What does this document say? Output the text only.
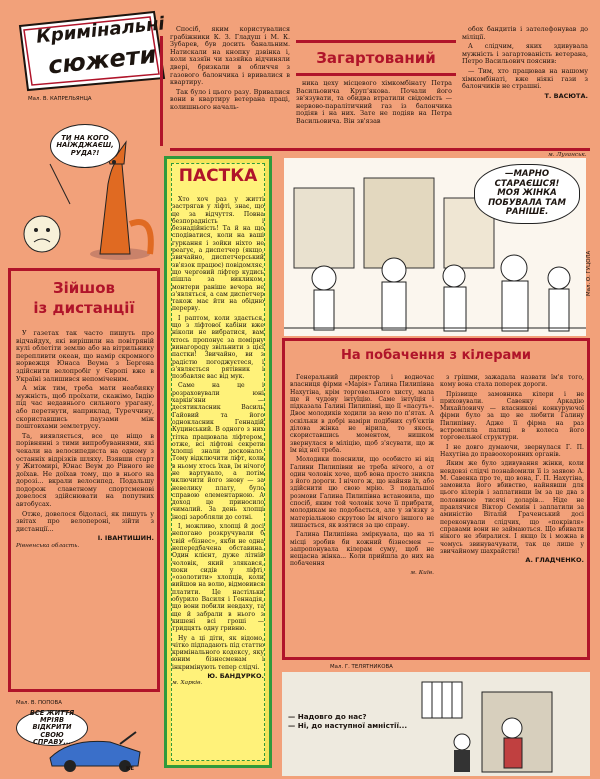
Кримінальні
сюжети
Мал. В. КАПРЕЛЬЯНЦА
ТИ НА КОГО НАЇЖДЖАЄШ, РУДА?!

Спосіб, яким користувалися грабіжники К. З. Гладуш і М. К. Зубарев, був досить банальним. Натискали на кнопку дзвінка і, коли хазяїн чи хазяйка відчиняли двері, бризкали в обличчя з газового балончика і вривалися в квартиру.

Так було і цього разу. Вривалися вони в квартиру ветерана праці, колишнього началь-

Загартований

ника цеху місцевого хімкомбінату Петра Васильовича Круп'якова. Почали його зв'язувати, та обидва втратили свідомість — нервово-паралітичний газ із балончика подіяв і на них. Зате не подіяв на Петра Васильовича. Він зв'язав

обох бандитів і зателефонував до міліції.

А слідчим, яких здивувала мужність і загартованість ветерана, Петро Васильович пояснив:

— Тим, хто працював на нашому хімкомбінаті, вже ніякі гази з балончиків не страшні.

Т. ВАСЮТА.
м. Луганськ.
ПАСТКА

Хто хоч раз у житті застрягав у ліфті, знає, що це за відчуття. Повна безпорадність і безнадійність! Та й на що сподіватися, коли на ваші гуркання і зойки ніхто не реагує, а диспетчер (якщо, звичайно, диспетчерський зв'язок працює) повідомляє, що черговий ліфтер кудись пішла за викликом, монтери раніше вечора не з'являться, а сам диспетчер також має йти на обідню перерву.

І раптом, коли здається, що з ліфтової кабіни вже ніколи не вибратися, вам хтось пропонує за помірну винагороду звільнити з цієї пастки! Звичайно, ви з радістю погоджуєтеся, і з'являється рятівник і позбавляє вас від мук.

Саме на це і розраховували юні харків'яни — десятикласник Василь Гайовий та його однокласник Геннадій Куцинський. В одного з них тітка працювала ліфтером, отже, всі ліфтові секрети хлопці знали досконало. Тому відключити ліфт, коли в ньому хтось їхав, їм нічого не вартувало, а потім включити його знову — за невелику плату, було справою елементарною. А доход це приносило чималий. За день хлопці іноді заробляли до сотні.

І, можливо, хлопці й досі непогано розкручували б свій «бізнес», якби не одна непередбачена обставина. Один клієнт, дуже літній чоловік, який злякався, поки сидів у ліфті, «озолотити» хлопців, коли вийшов на волю, відмовився платити. Це настільки обурило Василя і Геннадія, що вони побили невдаху, та ще й забрали в нього з кишені всі гроші — тридцять одну гривню.

Ну а ці діти, як відомо, чітко підпадають під статтю кримінального кодексу, яку юним бізнесменам і інкримінують тепер слідчі.

Ю. БАНДУРКО.
м. Харків.
—МАРНО СТАРАЄШСЯ! МОЯ ЖІНКА ПОБУВАЛА ТАМ РАНІШЕ.
Мал. О. ГУЦОЛА
Зійшов
із дистанції

У газетах так часто пишуть про відчайдух, які вирішили на повітряній кулі облетіти землю або на вітрильнику перепливти океан, що намір скромного норвежця Юнаса Веума з Бергена здійснити велопробіг у Європі вже в Україні залишився непоміченим.

А між тим, треба мати неабияку мужність, щоб проїхати, скажімо, Індію під час недавнього сильного урагану, або перетнути, наприклад, Туреччину, скориставшись паузами між поштовхами землетрусу.

Та, виявляється, все це ніщо в порівнянні з тими випробуваннями, які чекали на велосипедиста на одному з останніх відрізків шляху. Взявши старт у Житомирі, Юнас Веум до Рівного не доїхав. Не доїхав тому, що в нього на дорозі... вкрали велосипед. Подальшу подорож славетному спортсменові довелося здійснювати на попутних автобусах.

Отже, довелося бідоласі, як пишуть у звітах про велопероні, зійти з дистанції...

І. ІВАНТИШИН.
Рівненська область.
Мал. В. ПОПОВА
ВСЕ ЖИТТЯ МРІЯВ ВІДКРИТИ СВОЮ СПРАВУ...
На побачення з кілерами

Генеральний директор і водночас власниця фірми «Марія» Галина Пилипівна Нахутіна, крім торговельного хисту, мала ще й чудову інтуїцію. Саме інтуїція і підказала Галині Пилипівні, що її «пасуть». Двоє молодиків ходили за нею по п'ятах. А оскільки в добрі наміри подібних суб'єктів ділова жінка не вірила, то якось, скориставшись моментом, нишком звернулася в міліцію, щоб з'ясувати, що ж їм від неї треба.

Молодики пояснили, що особисто ні від Галини Пилипівни не треба нічого, а от один чоловік хоче, щоб вона просто зникла з його дороги. І нічого ж, що найняв їх, або здійснити цю свою мрію. З подальшої розмови Галина Пилипівна встановила, що спосіб, яким той чоловік хоче її прибрати, молодикам не подобається, але у зв'язку з матеріальною скрутою їм нічого іншого не лишається, як взятися за цю справу.

Галина Пилипівна зміркувала, що на ті місці зробив би кожний бізнесмен — запропонувала кілерам суму, щоб не нещасна жінка... Коли прийшла до них на побачення

м. Київ.

з грішми, зажадала назвати їм'я того, кому вона стала поперек дороги.

Прізвище замовника кілери і не приховували. Савенку Аркадію Михайловичу — власникові конкуруючої фірми було за що не любити Галину Пилипівну. Адже її фірма на раз встромляла палиці в колеса його торговельної структури.

І не довго думаючи, звернулася Г. П. Нахутіна до правоохоронних органів.

Яким же було здивування жінки, коли невдовзі слідчі познайомили її із заявою А. М. Савенка про те, що вона, Г. П. Нахутіна, замовила його вбивство, найнявши для цього кілерів і заплативши їм за це два з половиною тисячі доларів... Ніде не правлячися Віктор Семиін і заплатили за аминістію Віталій Граченський досі переконували слідчих, що «покрівля» справами вони не займаються. Що вбивати нікого не збиралися. І якщо їх і можна в чомусь звинувачувати, так це лише у звичайному шахрайстві!

А. ГЛАДЧЕНКО.
Мал. Г. ТЕЛЯТНИКОВА
— Надовго до нас?
— Ні, до наступної амністії...
КЕ
